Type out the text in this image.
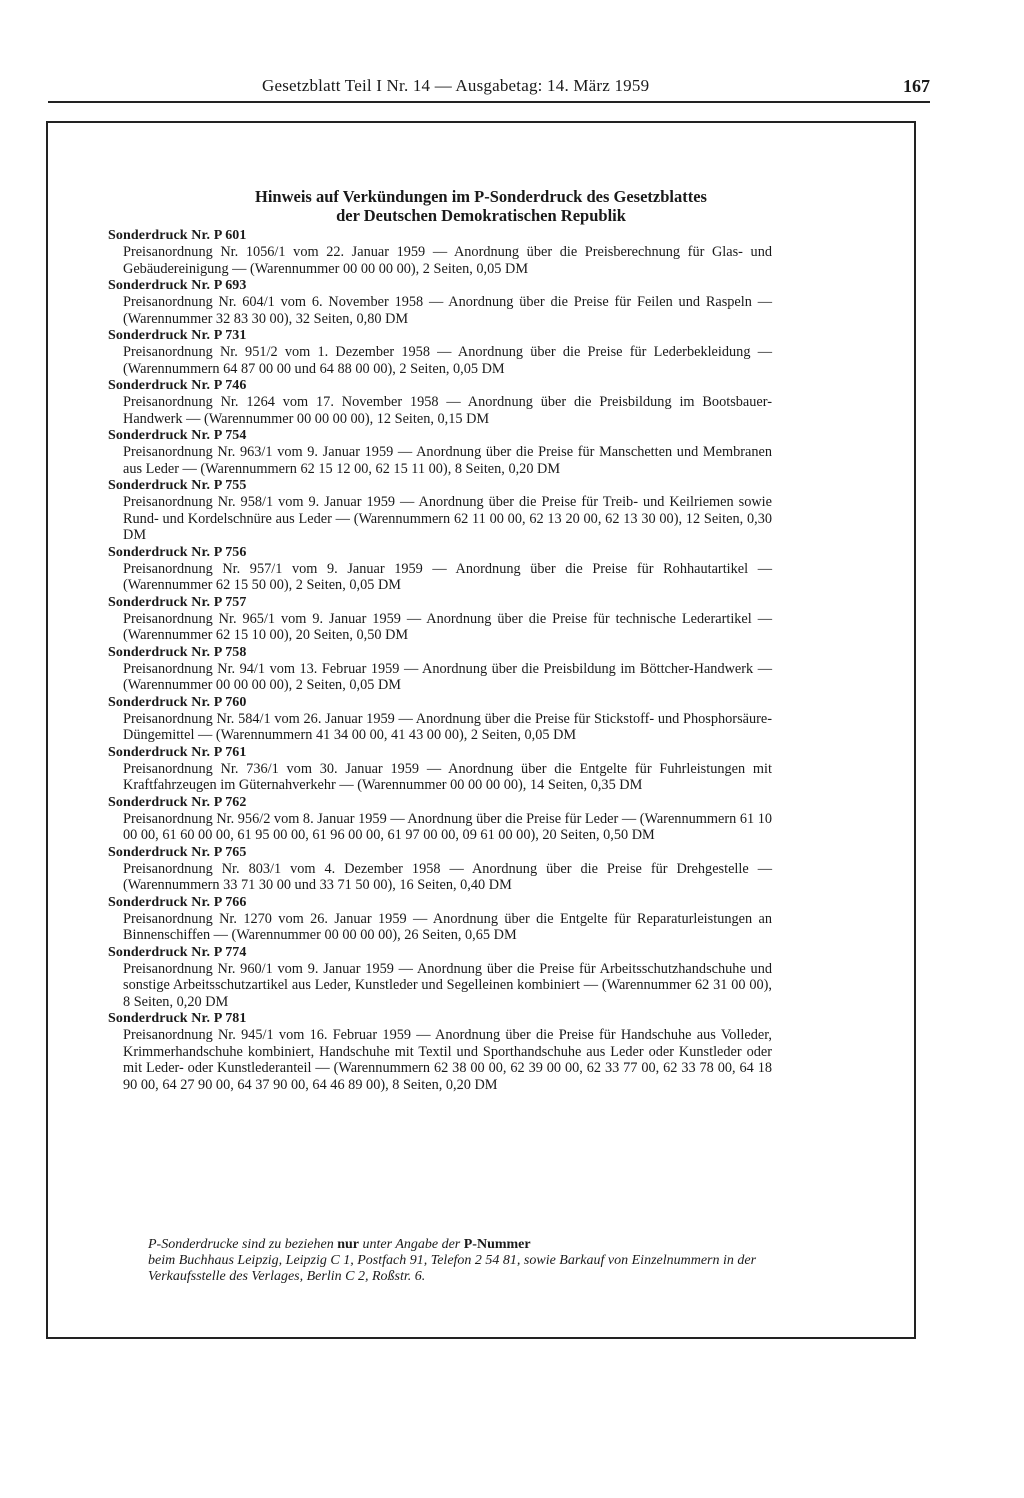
Gesetzblatt Teil I Nr. 14 — Ausgabetag: 14. März 1959	167
Hinweis auf Verkündungen im P-Sonderdruck des Gesetzblattes
der Deutschen Demokratischen Republik
Sonderdruck Nr. P 601
Preisanordnung Nr. 1056/1 vom 22. Januar 1959 — Anordnung über die Preisberechnung für Glas- und Gebäudereinigung — (Warennummer 00 00 00 00), 2 Seiten, 0,05 DM
Sonderdruck Nr. P 693
Preisanordnung Nr. 604/1 vom 6. November 1958 — Anordnung über die Preise für Feilen und Raspeln — (Warennummer 32 83 30 00), 32 Seiten, 0,80 DM
Sonderdruck Nr. P 731
Preisanordnung Nr. 951/2 vom 1. Dezember 1958 — Anordnung über die Preise für Lederbekleidung — (Warennummern 64 87 00 00 und 64 88 00 00), 2 Seiten, 0,05 DM
Sonderdruck Nr. P 746
Preisanordnung Nr. 1264 vom 17. November 1958 — Anordnung über die Preisbildung im Bootsbauer-Handwerk — (Warennummer 00 00 00 00), 12 Seiten, 0,15 DM
Sonderdruck Nr. P 754
Preisanordnung Nr. 963/1 vom 9. Januar 1959 — Anordnung über die Preise für Manschetten und Membranen aus Leder — (Warennummern 62 15 12 00, 62 15 11 00), 8 Seiten, 0,20 DM
Sonderdruck Nr. P 755
Preisanordnung Nr. 958/1 vom 9. Januar 1959 — Anordnung über die Preise für Treib- und Keilriemen sowie Rund- und Kordelschnüre aus Leder — (Warennummern 62 11 00 00, 62 13 20 00, 62 13 30 00), 12 Seiten, 0,30 DM
Sonderdruck Nr. P 756
Preisanordnung Nr. 957/1 vom 9. Januar 1959 — Anordnung über die Preise für Rohhautartikel — (Warennummer 62 15 50 00), 2 Seiten, 0,05 DM
Sonderdruck Nr. P 757
Preisanordnung Nr. 965/1 vom 9. Januar 1959 — Anordnung über die Preise für technische Lederartikel — (Warennummer 62 15 10 00), 20 Seiten, 0,50 DM
Sonderdruck Nr. P 758
Preisanordnung Nr. 94/1 vom 13. Februar 1959 — Anordnung über die Preisbildung im Böttcher-Handwerk — (Warennummer 00 00 00 00), 2 Seiten, 0,05 DM
Sonderdruck Nr. P 760
Preisanordnung Nr. 584/1 vom 26. Januar 1959 — Anordnung über die Preise für Stickstoff- und Phosphorsäure-Düngemittel — (Warennummern 41 34 00 00, 41 43 00 00), 2 Seiten, 0,05 DM
Sonderdruck Nr. P 761
Preisanordnung Nr. 736/1 vom 30. Januar 1959 — Anordnung über die Entgelte für Fuhrleistungen mit Kraftfahrzeugen im Güternahverkehr — (Warennummer 00 00 00 00), 14 Seiten, 0,35 DM
Sonderdruck Nr. P 762
Preisanordnung Nr. 956/2 vom 8. Januar 1959 — Anordnung über die Preise für Leder — (Warennummern 61 10 00 00, 61 60 00 00, 61 95 00 00, 61 96 00 00, 61 97 00 00, 09 61 00 00), 20 Seiten, 0,50 DM
Sonderdruck Nr. P 765
Preisanordnung Nr. 803/1 vom 4. Dezember 1958 — Anordnung über die Preise für Drehgestelle — (Warennummern 33 71 30 00 und 33 71 50 00), 16 Seiten, 0,40 DM
Sonderdruck Nr. P 766
Preisanordnung Nr. 1270 vom 26. Januar 1959 — Anordnung über die Entgelte für Reparaturleistungen an Binnenschiffen — (Warennummer 00 00 00 00), 26 Seiten, 0,65 DM
Sonderdruck Nr. P 774
Preisanordnung Nr. 960/1 vom 9. Januar 1959 — Anordnung über die Preise für Arbeitsschutzhandschuhe und sonstige Arbeitsschutzartikel aus Leder, Kunstleder und Segelleinen kombiniert — (Warennummer 62 31 00 00), 8 Seiten, 0,20 DM
Sonderdruck Nr. P 781
Preisanordnung Nr. 945/1 vom 16. Februar 1959 — Anordnung über die Preise für Handschuhe aus Volleder, Krimmerhandschuhe kombiniert, Handschuhe mit Textil und Sporthandschuhe aus Leder oder Kunstleder oder mit Leder- oder Kunstlederanteil — (Warennummern 62 38 00 00, 62 39 00 00, 62 33 77 00, 62 33 78 00, 64 18 90 00, 64 27 90 00, 64 37 90 00, 64 46 89 00), 8 Seiten, 0,20 DM
P-Sonderdrucke sind zu beziehen nur unter Angabe der P-Nummer
beim Buchhaus Leipzig, Leipzig C 1, Postfach 91, Telefon 2 54 81, sowie Barkauf von Einzelnummern in der Verkaufsstelle des Verlages, Berlin C 2, Roßstr. 6.
